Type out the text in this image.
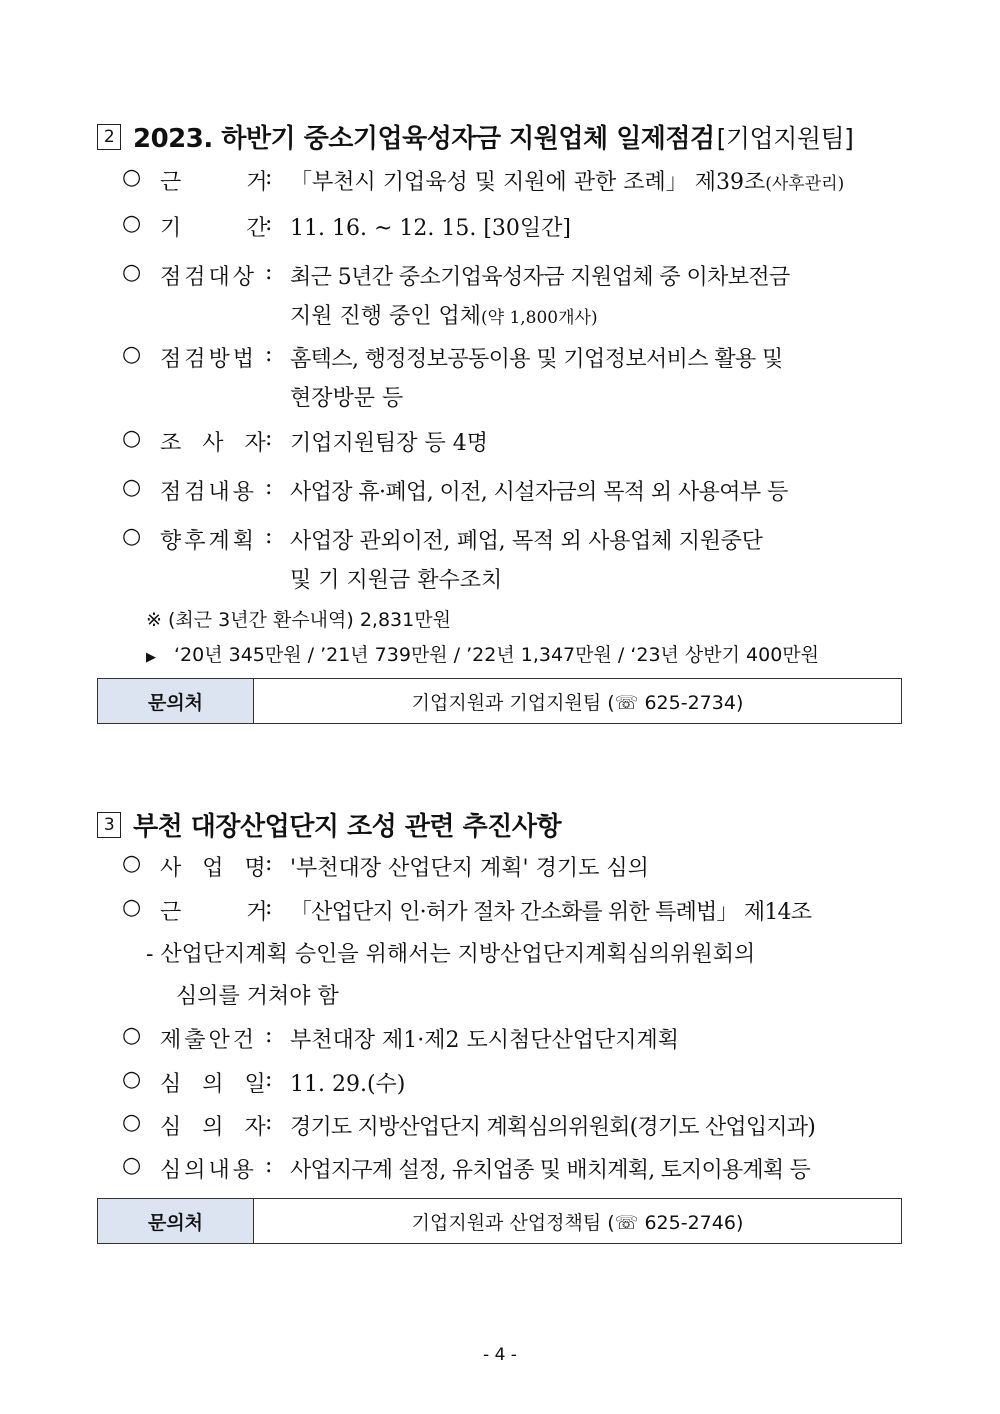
2 2023. 하반기 중소기업육성자금 지원업체 일제점검 [기업지원팀]
○ 근 거
: 「부천시 기업육성 및 지원에 관한 조례」 제39조(사후관리)
○ 기 간
: 11. 16. ~ 12. 15. [30일간]
○ 점검대상 : 최근 5년간 중소기업육성자금 지원업체 중 이차보전금
지원 진행 중인 업체(약 1,800개사)
○ 점검방법 : 홈텍스, 행정정보공동이용 및 기업정보서비스 활용 및
현장방문 등
○ 조 사 자 : 기업지원팀장 등 4명
○ 점검내용 : 사업장 휴·폐업, 이전, 시설자금의 목적 외 사용여부 등
○ 향후계획 : 사업장 관외이전, 폐업, 목적 외 사용업체 지원중단
및 기 지원금 환수조치
※ (최근 3년간 환수내역) 2,831만원
▶ ‘20년 345만원 / ’21년 739만원 / ’22년 1,347만원 / ‘23년 상반기 400만원
문의처	기업지원과 기업지원팀 (☏ 625-2734)
3 부천 대장산업단지 조성 관련 추진사항
○ 사 업 명 : '부천대장 산업단지 계획' 경기도 심의
○ 근 거
: 「산업단지 인·허가 절차 간소화를 위한 특례법」 제14조
- 산업단지계획 승인을 위해서는 지방산업단지계획심의위원회의
심의를 거쳐야 함
○ 제출안건 : 부천대장 제1·제2 도시첨단산업단지계획
○ 심 의 일 : 11. 29.(수)
○ 심 의 자 : 경기도 지방산업단지 계획심의위원회(경기도 산업입지과)
○ 심의내용 : 사업지구계 설정, 유치업종 및 배치계획, 토지이용계획 등
문의처	기업지원과 산업정책팀 (☏ 625-2746)
- 4 -
